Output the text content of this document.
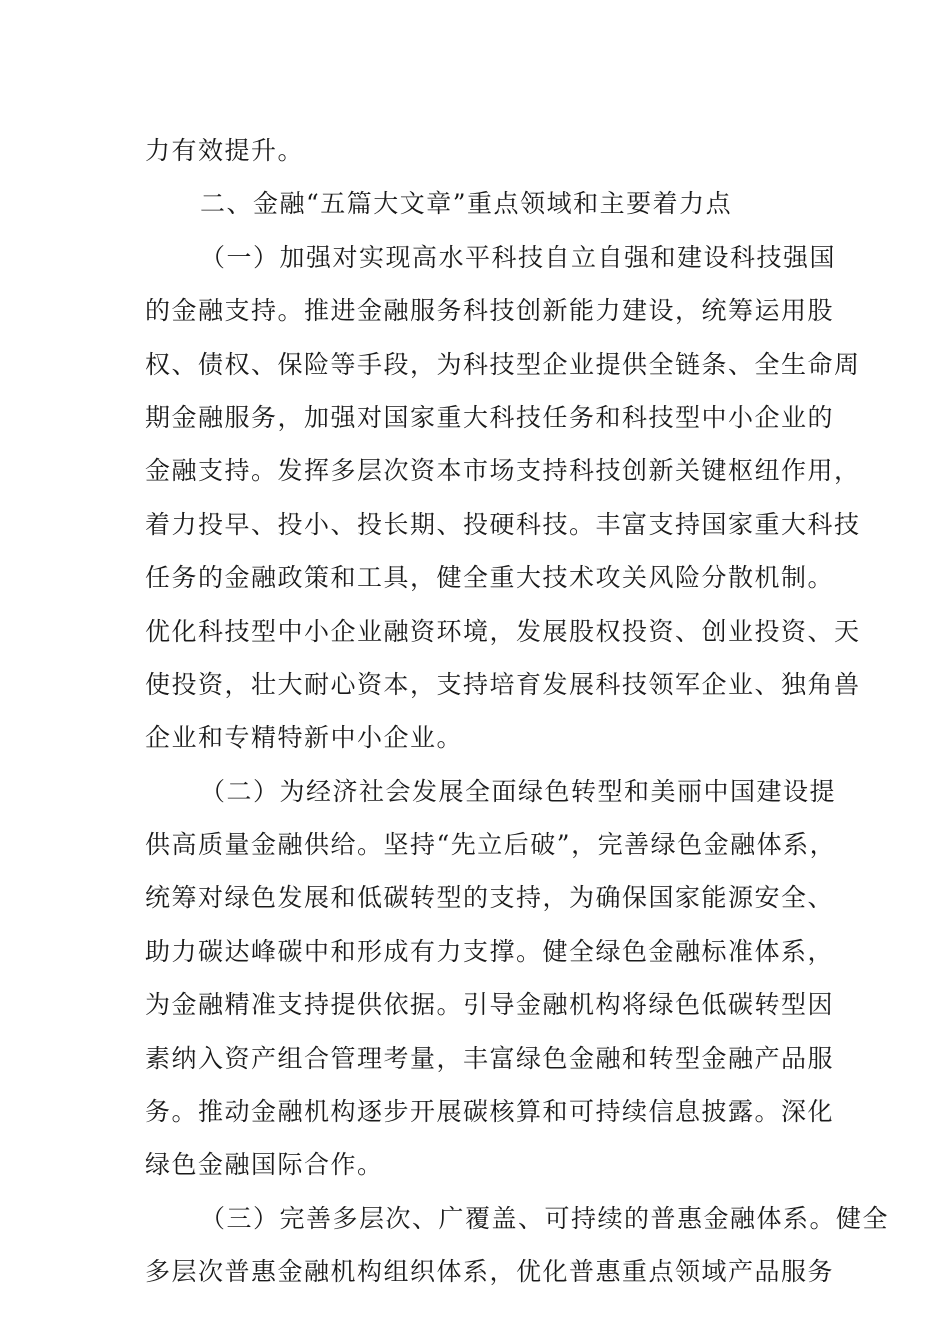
力有效提升。
二、金融“五篇大文章”重点领域和主要着力点
（一）加强对实现高水平科技自立自强和建设科技强国
的金融支持。推进金融服务科技创新能力建设，统筹运用股
权、债权、保险等手段，为科技型企业提供全链条、全生命周
期金融服务，加强对国家重大科技任务和科技型中小企业的
金融支持。发挥多层次资本市场支持科技创新关键枢纽作用，
着力投早、投小、投长期、投硬科技。丰富支持国家重大科技
任务的金融政策和工具，健全重大技术攻关风险分散机制。
优化科技型中小企业融资环境，发展股权投资、创业投资、天
使投资，壮大耐心资本，支持培育发展科技领军企业、独角兽
企业和专精特新中小企业。
（二）为经济社会发展全面绿色转型和美丽中国建设提
供高质量金融供给。坚持“先立后破”，完善绿色金融体系，
统筹对绿色发展和低碳转型的支持，为确保国家能源安全、
助力碳达峰碳中和形成有力支撑。健全绿色金融标准体系，
为金融精准支持提供依据。引导金融机构将绿色低碳转型因
素纳入资产组合管理考量，丰富绿色金融和转型金融产品服
务。推动金融机构逐步开展碳核算和可持续信息披露。深化
绿色金融国际合作。
（三）完善多层次、广覆盖、可持续的普惠金融体系。健全
多层次普惠金融机构组织体系，优化普惠重点领域产品服务
